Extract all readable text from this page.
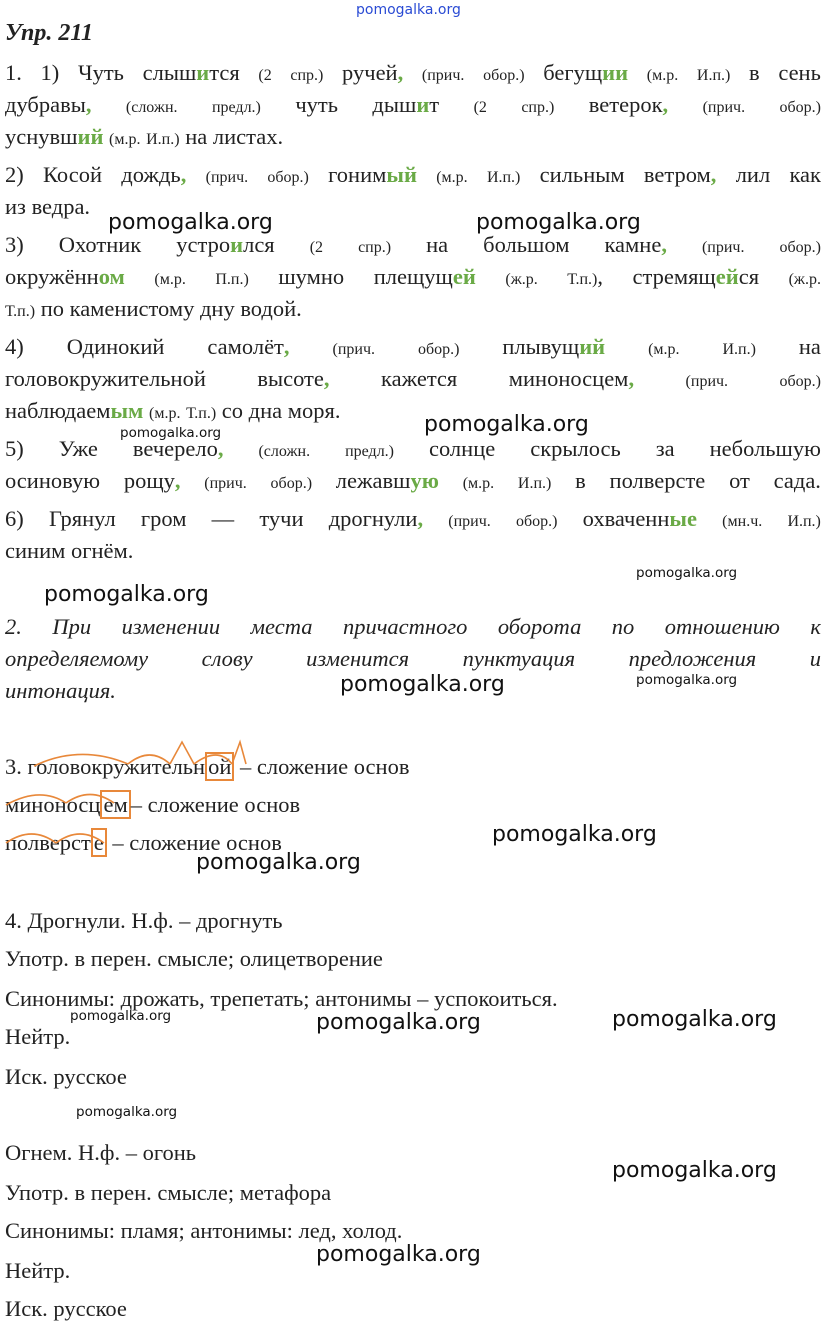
pomogalka.org
Упр. 211
1. 1) Чуть слышится (2 спр.) ручей, (прич. обор.) бегущии (м.р. И.п.) в сень
дубравы, (сложн. предл.) чуть дышит (2 спр.) ветерок, (прич. обор.)
уснувший (м.р. И.п.) на листах.
2) Косой дождь, (прич. обор.) гонимый (м.р. И.п.) сильным ветром, лил как
из ведра.
3) Охотник устроился (2 спр.) на большом камне, (прич. обор.)
окружённом (м.р. П.п.) шумно плещущей (ж.р. Т.п.), стремящейся (ж.р.
Т.п.) по каменистому дну водой.
4) Одинокий самолёт,	(прич.	обор.) плывущий	(м.р.	И.п.) на
головокружительной высоте, кажется миноносцем,	(прич.	обор.)
наблюдаемым (м.р. Т.п.) со дна моря.
5) Уже вечерело, (сложн. предл.) солнце скрылось за небольшую
осиновую рощу, (прич. обор.) лежавшую (м.р. И.п.) в полверсте от сада.
6) Грянул гром — тучи дрогнули, (прич. обор.) охваченные (мн.ч. И.п.)
синим огнём.
2. При изменении места причастного оборота по отношению к
определяемому слову изменится пунктуация предложения и
интонация.
3. головокружительн ой – сложение основ
миноносц ем – сложение основ
полверст е – сложение основ
4. Дрогнули. Н.ф. – дрогнуть
Употр. в перен. смысле; олицетворение
Синонимы: дрожать, трепетать; антонимы – успокоиться.
Нейтр.
Иск. русское
Огнем. Н.ф. – огонь
Употр. в перен. смысле; метафора
Синонимы: пламя; антонимы: лед, холод.
Нейтр.
Иск. русское
pomogalka.org	pomogalka.org
pomogalka.org
pomogalka.org
pomogalka.org
pomogalka.org
pomogalka.org	pomogalka.org
pomogalka.org
pomogalka.org
pomogalka.org	pomogalka.org	pomogalka.org
pomogalka.org
pomogalka.org
pomogalka.org
